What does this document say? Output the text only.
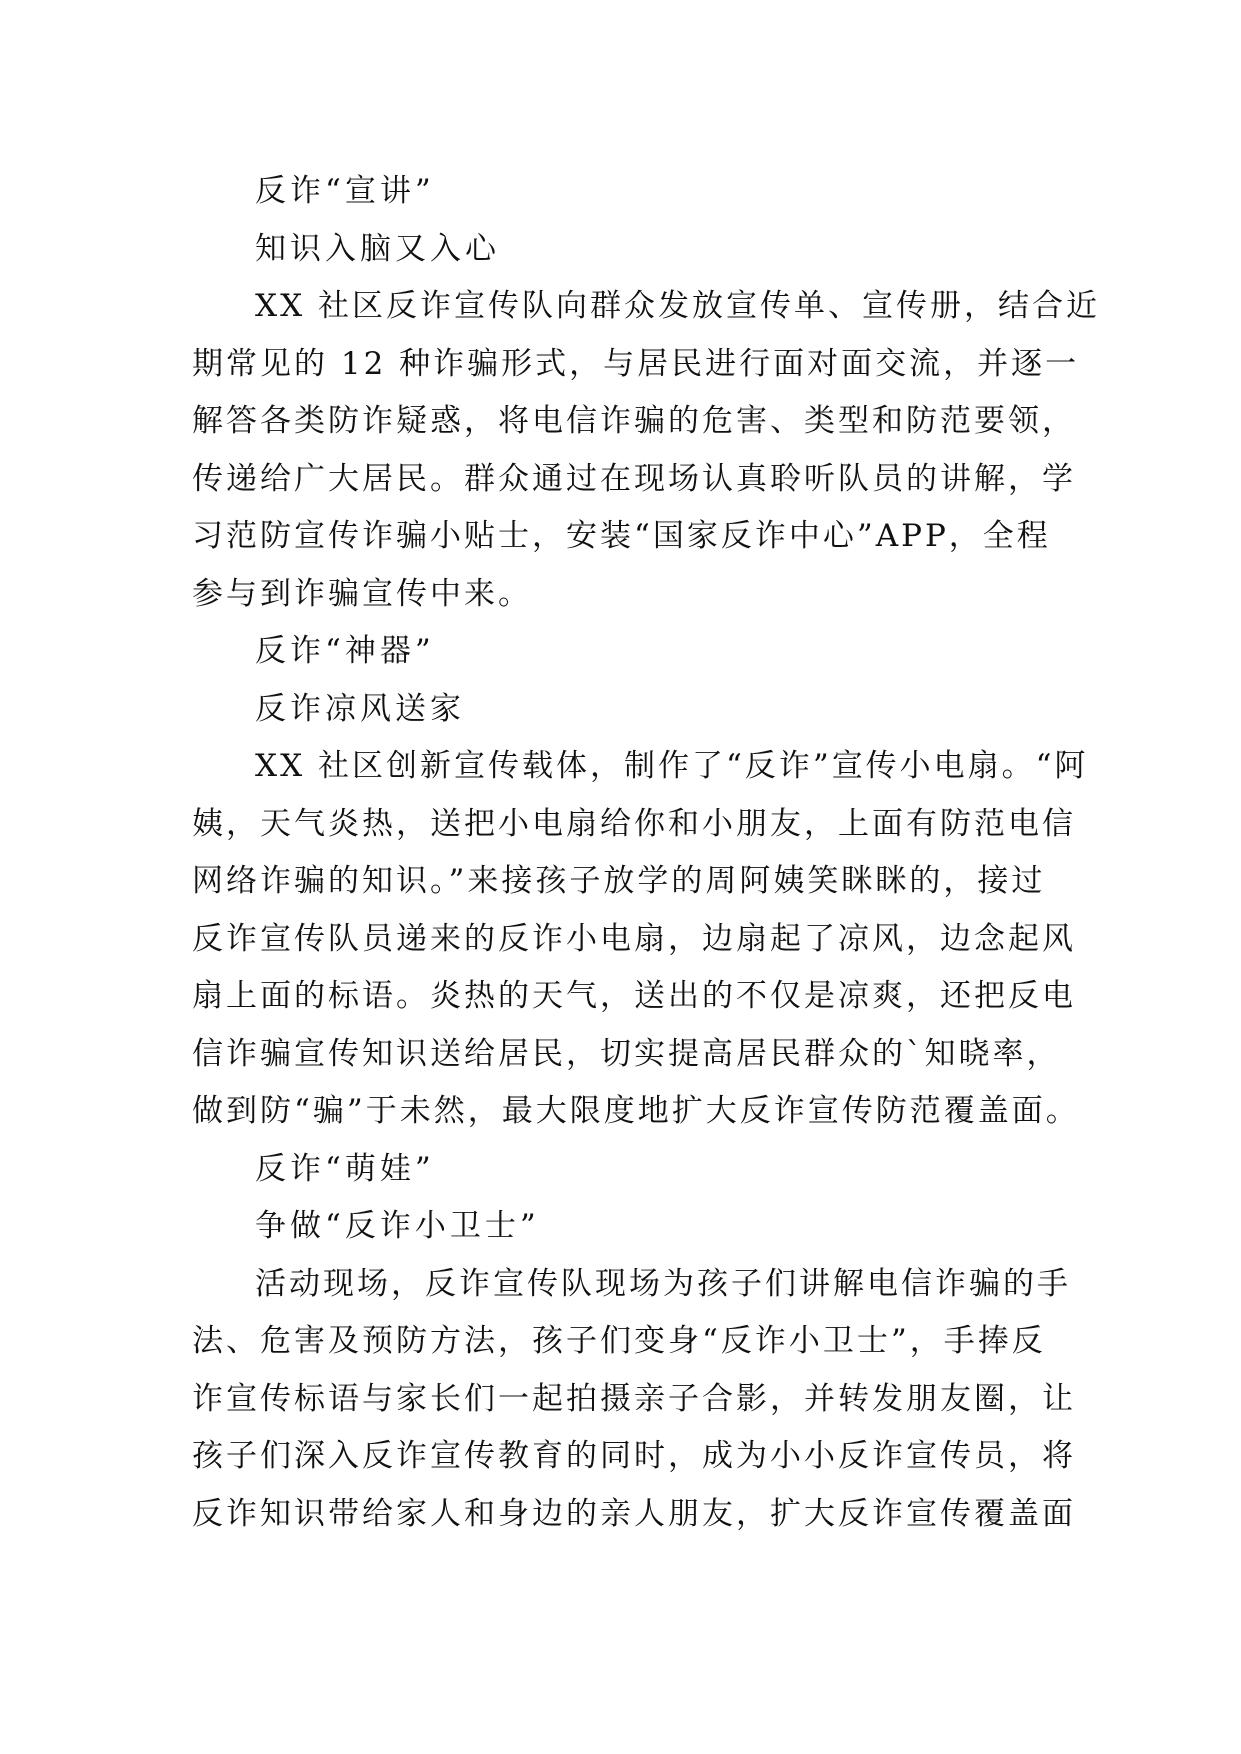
反诈“宣讲”
知识入脑又入心
XX 社区反诈宣传队向群众发放宣传单、宣传册，结合近
期常见的 12 种诈骗形式，与居民进行面对面交流，并逐一
解答各类防诈疑惑，将电信诈骗的危害、类型和防范要领，
传递给广大居民。群众通过在现场认真聆听队员的讲解，学
习范防宣传诈骗小贴士，安装“国家反诈中心”APP，全程
参与到诈骗宣传中来。
反诈“神器”
反诈凉风送家
XX 社区创新宣传载体，制作了“反诈”宣传小电扇。“阿
姨，天气炎热，送把小电扇给你和小朋友，上面有防范电信
网络诈骗的知识。”来接孩子放学的周阿姨笑眯眯的，接过
反诈宣传队员递来的反诈小电扇，边扇起了凉风，边念起风
扇上面的标语。炎热的天气，送出的不仅是凉爽，还把反电
信诈骗宣传知识送给居民，切实提高居民群众的`知晓率，
做到防“骗”于未然，最大限度地扩大反诈宣传防范覆盖面。
反诈“萌娃”
争做“反诈小卫士”
活动现场，反诈宣传队现场为孩子们讲解电信诈骗的手
法、危害及预防方法，孩子们变身“反诈小卫士”，手捧反
诈宣传标语与家长们一起拍摄亲子合影，并转发朋友圈，让
孩子们深入反诈宣传教育的同时，成为小小反诈宣传员，将
反诈知识带给家人和身边的亲人朋友，扩大反诈宣传覆盖面
